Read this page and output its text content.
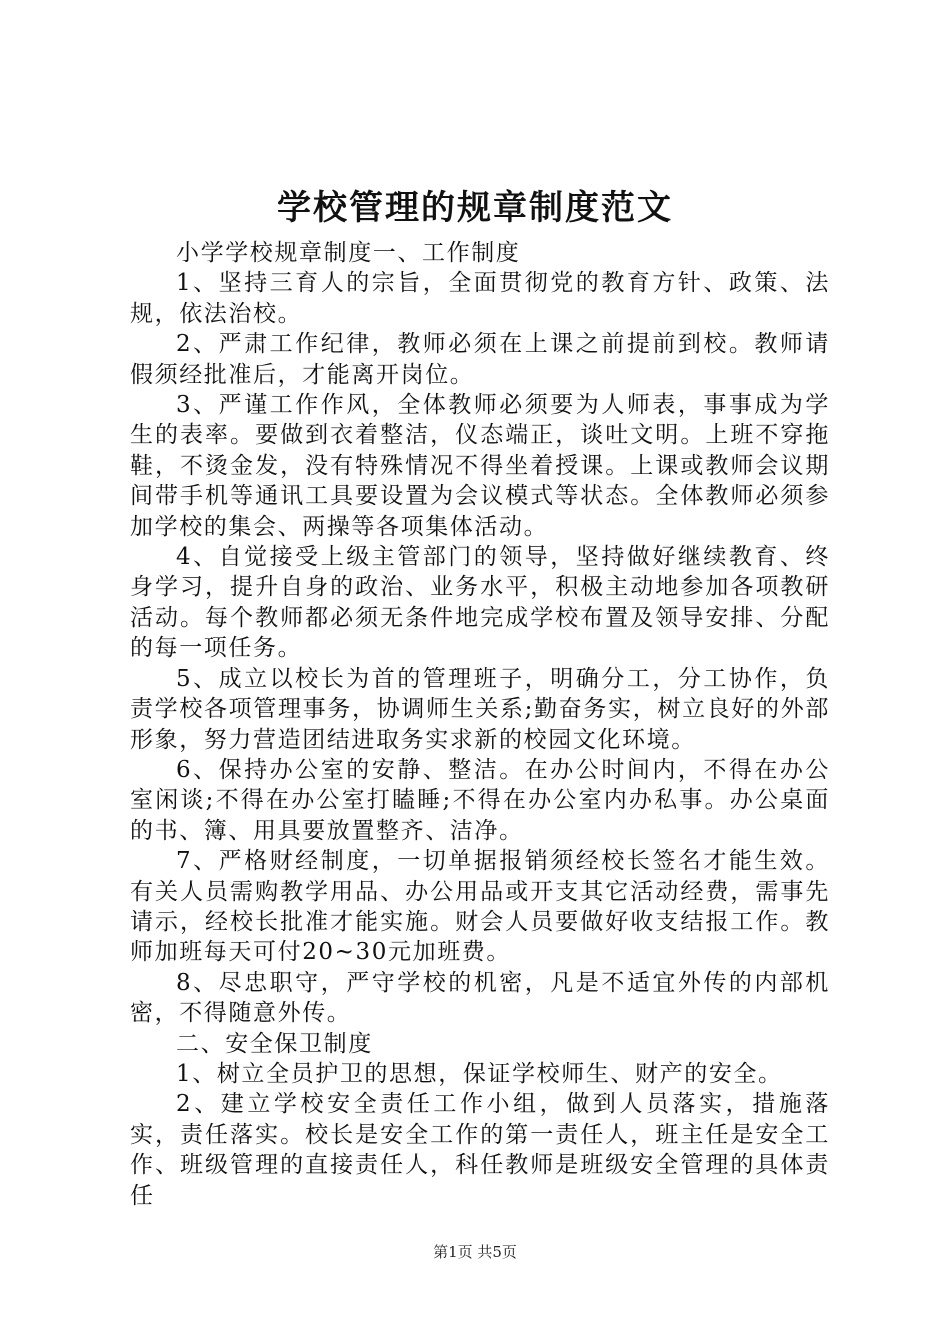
学校管理的规章制度范文

小学学校规章制度一、工作制度

1、坚持三育人的宗旨，全面贯彻党的教育方针、政策、法规，依法治校。

2、严肃工作纪律，教师必须在上课之前提前到校。教师请假须经批准后，才能离开岗位。

3、严谨工作作风，全体教师必须要为人师表，事事成为学生的表率。要做到衣着整洁，仪态端正，谈吐文明。上班不穿拖鞋，不烫金发，没有特殊情况不得坐着授课。上课或教师会议期间带手机等通讯工具要设置为会议模式等状态。全体教师必须参加学校的集会、两操等各项集体活动。

4、自觉接受上级主管部门的领导，坚持做好继续教育、终身学习，提升自身的政治、业务水平，积极主动地参加各项教研活动。每个教师都必须无条件地完成学校布置及领导安排、分配的每一项任务。

5、成立以校长为首的管理班子，明确分工，分工协作，负责学校各项管理事务，协调师生关系;勤奋务实，树立良好的外部形象，努力营造团结进取务实求新的校园文化环境。

6、保持办公室的安静、整洁。在办公时间内，不得在办公室闲谈;不得在办公室打瞌睡;不得在办公室内办私事。办公桌面的书、簿、用具要放置整齐、洁净。

7、严格财经制度，一切单据报销须经校长签名才能生效。有关人员需购教学用品、办公用品或开支其它活动经费，需事先请示，经校长批准才能实施。财会人员要做好收支结报工作。教师加班每天可付20~30元加班费。

8、尽忠职守，严守学校的机密，凡是不适宜外传的内部机密，不得随意外传。

二、安全保卫制度

1、树立全员护卫的思想，保证学校师生、财产的安全。

2、建立学校安全责任工作小组，做到人员落实，措施落实，责任落实。校长是安全工作的第一责任人，班主任是安全工作、班级管理的直接责任人，科任教师是班级安全管理的具体责任

第1页 共5页
